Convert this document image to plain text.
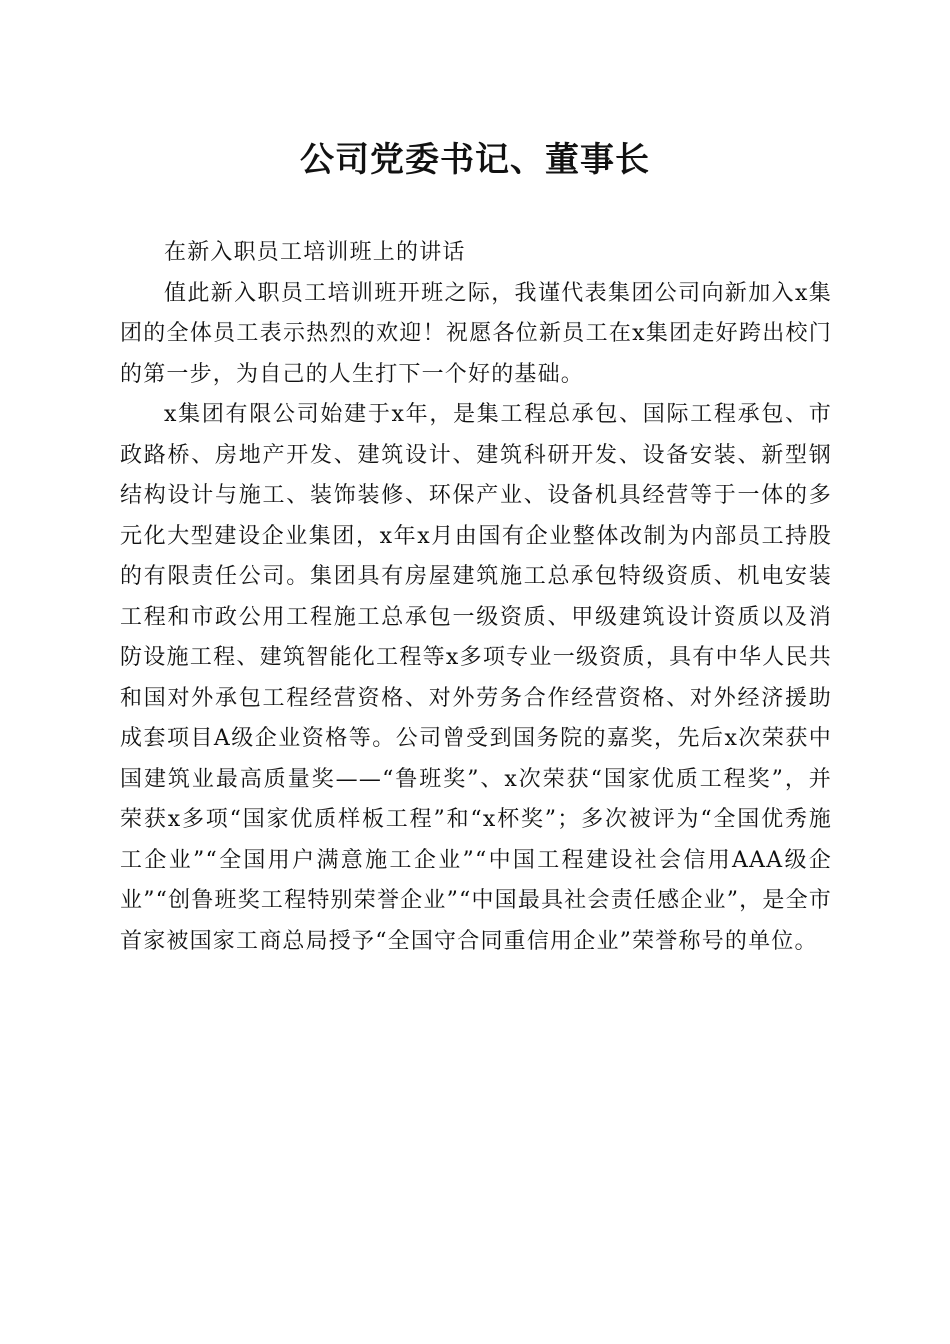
公司党委书记、董事长

在新入职员工培训班上的讲话

值此新入职员工培训班开班之际，我谨代表集团公司向新加入x集团的全体员工表示热烈的欢迎！祝愿各位新员工在x集团走好跨出校门的第一步，为自己的人生打下一个好的基础。

x集团有限公司始建于x年，是集工程总承包、国际工程承包、市政路桥、房地产开发、建筑设计、建筑科研开发、设备安装、新型钢结构设计与施工、装饰装修、环保产业、设备机具经营等于一体的多元化大型建设企业集团，x年x月由国有企业整体改制为内部员工持股的有限责任公司。集团具有房屋建筑施工总承包特级资质、机电安装工程和市政公用工程施工总承包一级资质、甲级建筑设计资质以及消防设施工程、建筑智能化工程等x多项专业一级资质，具有中华人民共和国对外承包工程经营资格、对外劳务合作经营资格、对外经济援助成套项目A级企业资格等。公司曾受到国务院的嘉奖，先后x次荣获中国建筑业最高质量奖——“鲁班奖”、x次荣获“国家优质工程奖”，并荣获x多项“国家优质样板工程”和“x杯奖”；多次被评为“全国优秀施工企业”“全国用户满意施工企业”“中国工程建设社会信用AAA级企业”“创鲁班奖工程特别荣誉企业”“中国最具社会责任感企业”，是全市首家被国家工商总局授予“全国守合同重信用企业”荣誉称号的单位。
